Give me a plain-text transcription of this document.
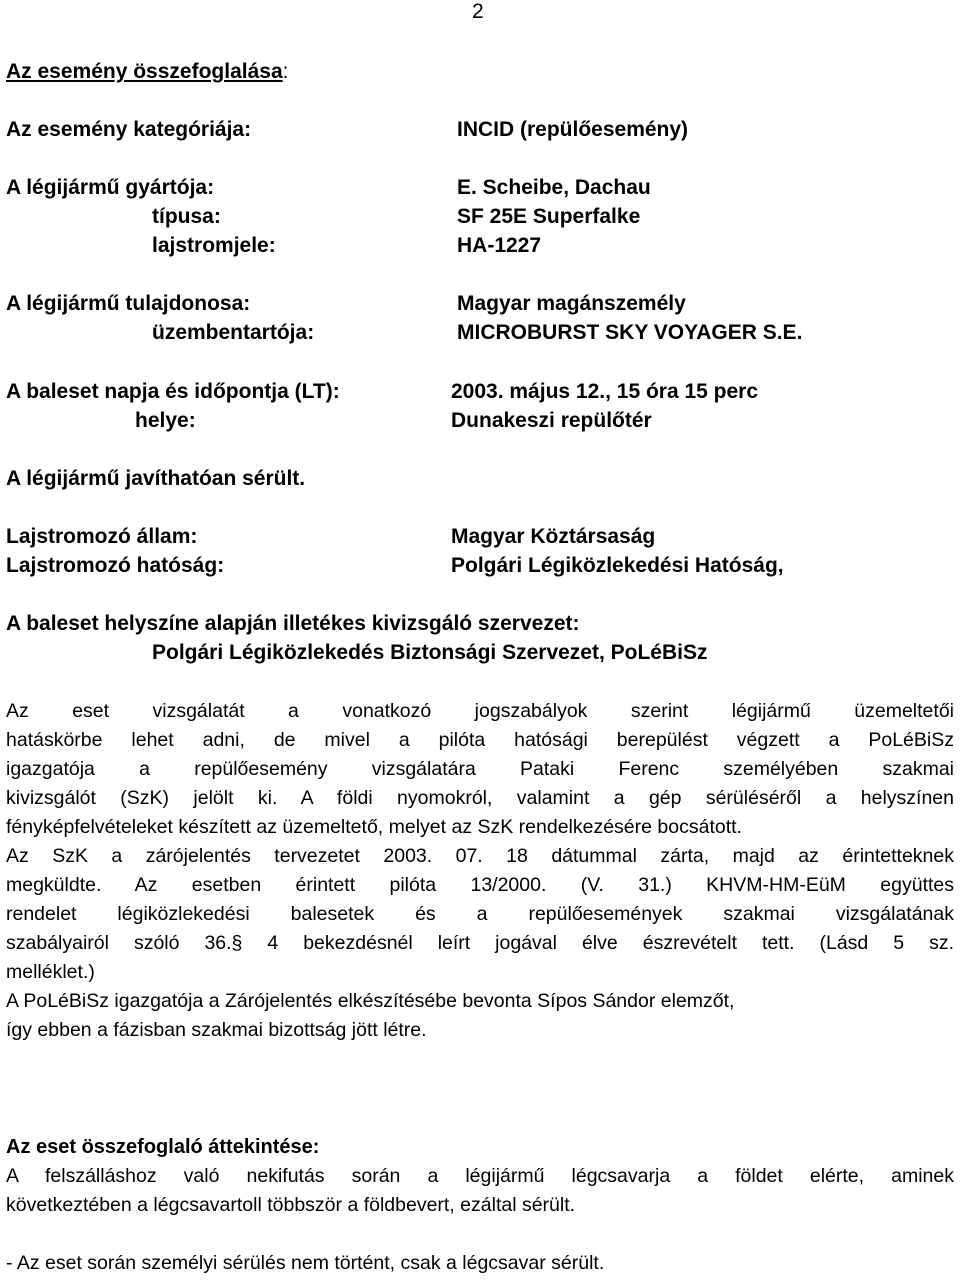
2
Az esemény összefoglalása:
Az esemény kategóriája:	INCID (repülőesemény)
A légijármű gyártója:	E. Scheibe, Dachau
típusa:	SF 25E Superfalke
lajstromjele:	HA-1227
A légijármű tulajdonosa:	Magyar magánszemély
üzembentartója:	MICROBURST SKY VOYAGER S.E.
A baleset napja és időpontja (LT):	2003. május 12., 15 óra 15 perc
helye:	Dunakeszi repülőtér
A légijármű javíthatóan sérült.
Lajstromozó állam:	Magyar Köztársaság
Lajstromozó hatóság:	Polgári Légiközlekedési Hatóság,
A baleset helyszíne alapján illetékes kivizsgáló szervezet:
Polgári Légiközlekedés Biztonsági Szervezet, PoLéBiSz
Az eset vizsgálatát a vonatkozó jogszabályok szerint légijármű üzemeltetői
hatáskörbe lehet adni, de mivel a pilóta hatósági berepülést végzett a PoLéBiSz
igazgatója a repülőesemény vizsgálatára Pataki Ferenc személyében szakmai
kivizsgálót (SzK) jelölt ki. A földi nyomokról, valamint a gép sérüléséről a helyszínen
fényképfelvételeket készített az üzemeltető, melyet az SzK rendelkezésére bocsátott.
Az SzK a zárójelentés tervezetet 2003. 07. 18 dátummal zárta, majd az érintetteknek
megküldte. Az esetben érintett pilóta 13/2000. (V. 31.) KHVM-HM-EüM együttes
rendelet légiközlekedési balesetek és a repülőesemények szakmai vizsgálatának
szabályairól szóló 36.§ 4 bekezdésnél leírt jogával élve észrevételt tett. (Lásd 5 sz.
melléklet.)
A PoLéBiSz igazgatója a Zárójelentés elkészítésébe bevonta Sípos Sándor elemzőt,
így ebben a fázisban szakmai bizottság jött létre.
Az eset összefoglaló áttekintése:
A felszálláshoz való nekifutás során a légijármű légcsavarja a földet elérte, aminek
következtében a légcsavartoll többször a földbevert, ezáltal sérült.
- Az eset során személyi sérülés nem történt, csak a légcsavar sérült.
